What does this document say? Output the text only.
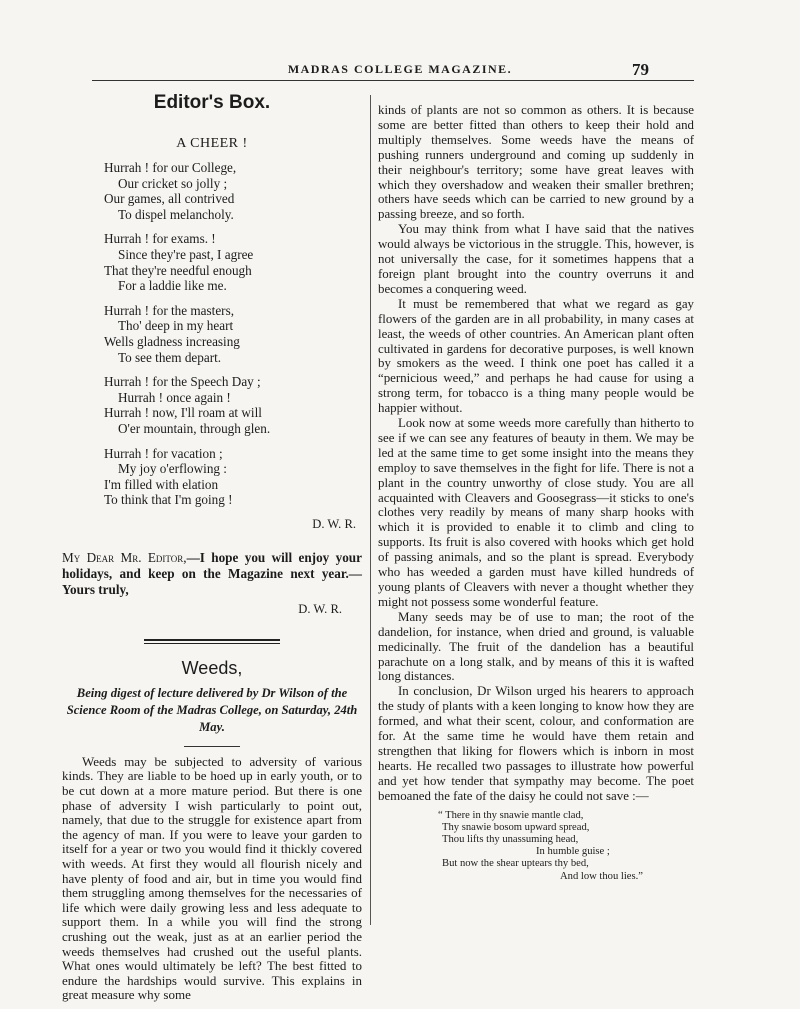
MADRAS COLLEGE MAGAZINE.	79
Editor's Box.
A CHEER !
Hurrah ! for our College,
Our cricket so jolly ;
Our games, all contrived
To dispel melancholy.
Hurrah ! for exams. !
Since they're past, I agree
That they're needful enough
For a laddie like me.
Hurrah ! for the masters,
Tho' deep in my heart
Wells gladness increasing
To see them depart.
Hurrah ! for the Speech Day ;
Hurrah ! once again !
Hurrah ! now, I'll roam at will
O'er mountain, through glen.
Hurrah ! for vacation ;
My joy o'erflowing :
I'm filled with elation
To think that I'm going !
D. W. R.

My Dear Mr. Editor,—I hope you will enjoy your holidays, and keep on the Magazine next year.—Yours truly,

D. W. R.
Weeds,

Being digest of lecture delivered by Dr Wilson of the Science Room of the Madras College, on Saturday, 24th May.

Weeds may be subjected to adversity of various kinds. They are liable to be hoed up in early youth, or to be cut down at a more mature period. But there is one phase of adversity I wish particularly to point out, namely, that due to the struggle for existence apart from the agency of man. If you were to leave your garden to itself for a year or two you would find it thickly covered with weeds. At first they would all flourish nicely and have plenty of food and air, but in time you would find them struggling among themselves for the necessaries of life which were daily growing less and less adequate to support them. In a while you will find the strong crushing out the weak, just as at an earlier period the weeds themselves had crushed out the useful plants. What ones would ultimately be left? The best fitted to endure the hardships would survive. This explains in great measure why some

kinds of plants are not so common as others. It is because some are better fitted than others to keep their hold and multiply themselves. Some weeds have the means of pushing runners underground and coming up suddenly in their neighbour's territory; some have great leaves with which they overshadow and weaken their smaller brethren; others have seeds which can be carried to new ground by a passing breeze, and so forth.

You may think from what I have said that the natives would always be victorious in the struggle. This, however, is not universally the case, for it sometimes happens that a foreign plant brought into the country overruns it and becomes a conquering weed.

It must be remembered that what we regard as gay flowers of the garden are in all probability, in many cases at least, the weeds of other countries. An American plant often cultivated in gardens for decorative purposes, is well known by smokers as the weed. I think one poet has called it a “pernicious weed,” and perhaps he had cause for using a strong term, for tobacco is a thing many people would be happier without.

Look now at some weeds more carefully than hitherto to see if we can see any features of beauty in them. We may be led at the same time to get some insight into the means they employ to save themselves in the fight for life. There is not a plant in the country unworthy of close study. You are all acquainted with Cleavers and Goosegrass—it sticks to one's clothes very readily by means of many sharp hooks with which it is provided to enable it to climb and cling to supports. Its fruit is also covered with hooks which get hold of passing animals, and so the plant is spread. Everybody who has weeded a garden must have killed hundreds of young plants of Cleavers with never a thought whether they might not possess some wonderful feature.

Many seeds may be of use to man; the root of the dandelion, for instance, when dried and ground, is valuable medicinally. The fruit of the dandelion has a beautiful parachute on a long stalk, and by means of this it is wafted long distances.

In conclusion, Dr Wilson urged his hearers to approach the study of plants with a keen longing to know how they are formed, and what their scent, colour, and conformation are for. At the same time he would have them retain and strengthen that liking for flowers which is inborn in most hearts. He recalled two passages to illustrate how powerful and yet how tender that sympathy may become. The poet bemoaned the fate of the daisy he could not save :—

“ There in thy snawie mantle clad,
Thy snawie bosom upward spread,
Thou lifts thy unassuming head,
In humble guise ;
But now the shear uptears thy bed,
And low thou lies.”
